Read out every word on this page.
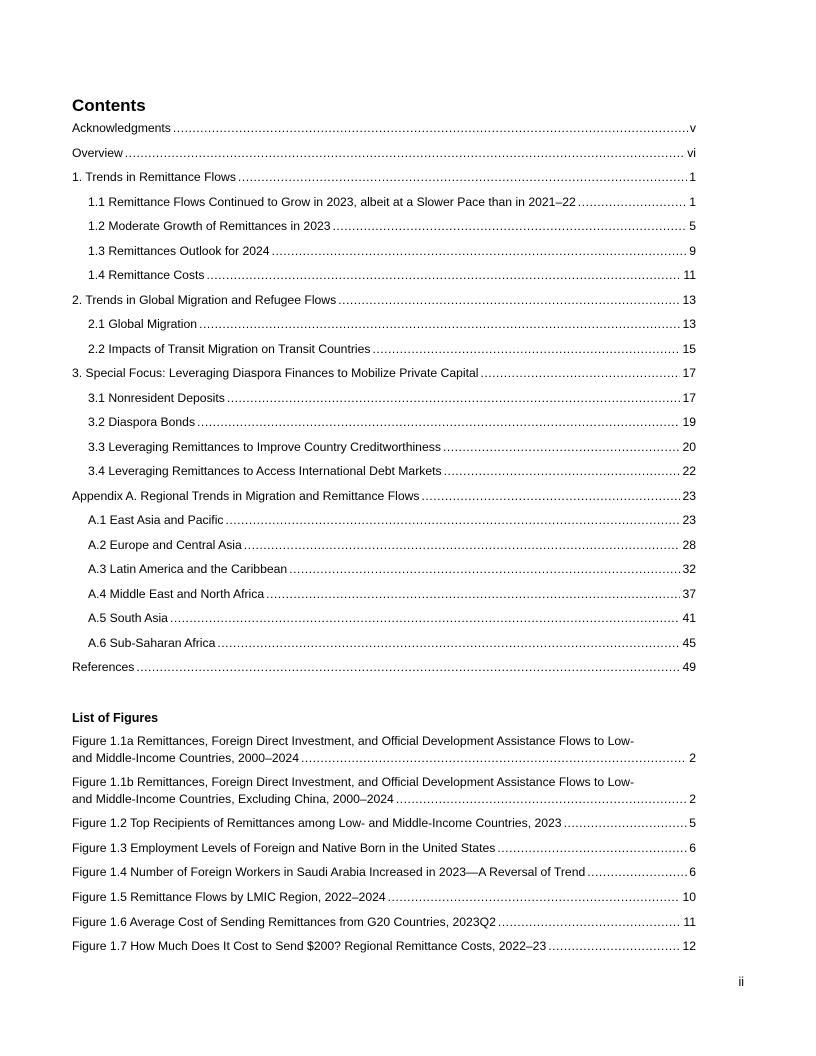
Contents
Acknowledgments .....	v
Overview .....	vi
1. Trends in Remittance Flows .....	1
1.1 Remittance Flows Continued to Grow in 2023, albeit at a Slower Pace than in 2021–22 .....	1
1.2 Moderate Growth of Remittances in 2023 .....	5
1.3 Remittances Outlook for 2024 .....	9
1.4 Remittance Costs .....	11
2. Trends in Global Migration and Refugee Flows .....	13
2.1 Global Migration .....	13
2.2 Impacts of Transit Migration on Transit Countries .....	15
3. Special Focus: Leveraging Diaspora Finances to Mobilize Private Capital .....	17
3.1 Nonresident Deposits .....	17
3.2 Diaspora Bonds .....	19
3.3 Leveraging Remittances to Improve Country Creditworthiness .....	20
3.4 Leveraging Remittances to Access International Debt Markets .....	22
Appendix A. Regional Trends in Migration and Remittance Flows .....	23
A.1 East Asia and Pacific .....	23
A.2 Europe and Central Asia .....	28
A.3 Latin America and the Caribbean .....	32
A.4 Middle East and North Africa .....	37
A.5 South Asia .....	41
A.6 Sub-Saharan Africa .....	45
References .....	49
List of Figures
Figure 1.1a Remittances, Foreign Direct Investment, and Official Development Assistance Flows to Low-
and Middle-Income Countries, 2000–2024 .....	2
Figure 1.1b Remittances, Foreign Direct Investment, and Official Development Assistance Flows to Low-
and Middle-Income Countries, Excluding China, 2000–2024 .....	2
Figure 1.2 Top Recipients of Remittances among Low- and Middle-Income Countries, 2023 .....	5
Figure 1.3 Employment Levels of Foreign and Native Born in the United States .....	6
Figure 1.4 Number of Foreign Workers in Saudi Arabia Increased in 2023—A Reversal of Trend .....	6
Figure 1.5 Remittance Flows by LMIC Region, 2022–2024 .....	10
Figure 1.6 Average Cost of Sending Remittances from G20 Countries, 2023Q2 .....	11
Figure 1.7 How Much Does It Cost to Send $200? Regional Remittance Costs, 2022–23 .....	12
ii
